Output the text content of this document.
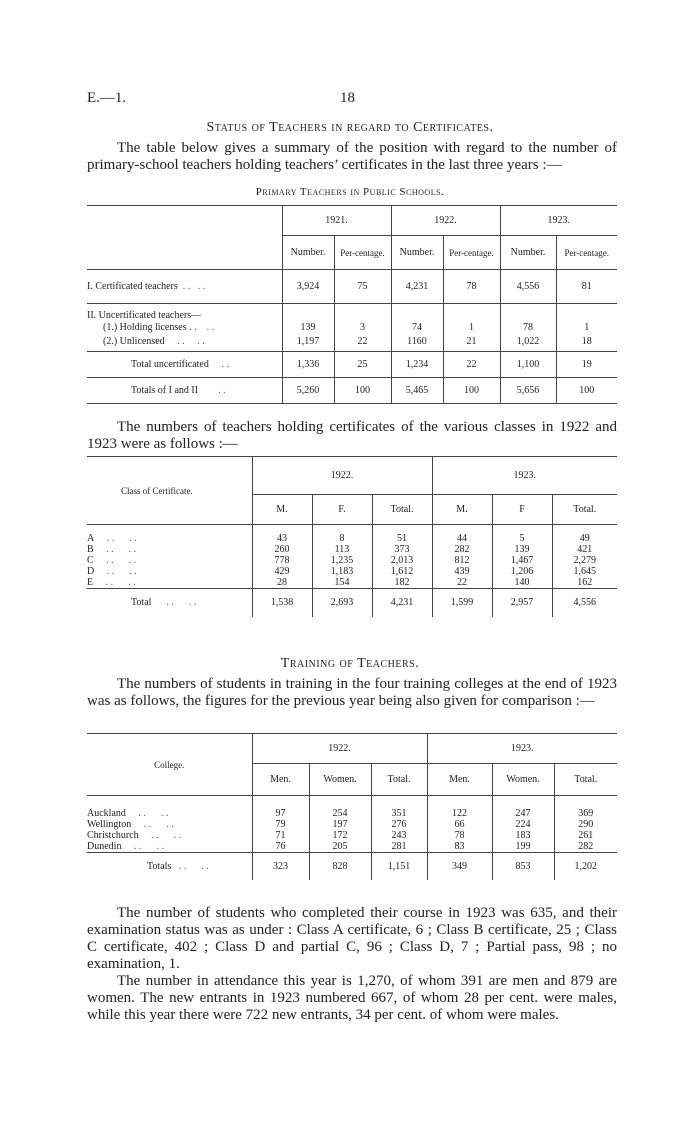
E.—1.	18
Status of Teachers in regard to Certificates.

The table below gives a summary of the position with regard to the number of primary-school teachers holding teachers’ certificates in the last three years :—

Primary Teachers in Public Schools.
	1921.		1922.		1923.	
	Number.	Per-centage.	Number.	Per-centage.	Number.	Per-centage.
I. Certificated teachers  . .   . .	3,924	75	4,231	78	4,556	81
II. Uncertificated teachers—						
(1.) Holding licenses . .    . .	139	3	74	1	78	1
(2.) Unlicensed     . .     . .	1,197	22	1160	21	1,022	18
Total uncertificated     . .	1,336	25	1,234	22	1,100	19
Totals of I and II        . .	5,260	100	5,465	100	5,656	100

The numbers of teachers holding certificates of the various classes in 1922 and 1923 were as follows :—

Class of Certificate.	1922.			1923.		
	M.	F.	Total.	M.	F	Total.
A     . .      . .	43	8	51	44	5	49
B     . .      . .	260	113	373	282	139	421
C     . .      . .	778	1,235	2,013	812	1,467	2,279
D     . .      . .	429	1,183	1,612	439	1,206	1,645
E     . .      . .	28	154	182	22	140	162
Total      . .      . .	1,538	2,693	4,231	1,599	2,957	4,556
Training of Teachers.

The numbers of students in training in the four training colleges at the end of 1923 was as follows, the figures for the previous year being also given for comparison :—

College.	1922.			1923.		
	Men.	Women.	Total.	Men.	Women.	Total.

Auckland     . .      . .	97	254	351	122	247	369
Wellington     . .      . .	79	197	276	66	224	290
Christchurch     . .      . .	71	172	243	78	183	261
Dunedin     . .      . .	76	205	281	83	199	282
Totals   . .      . .	323	828	1,151	349	853	1,202

The number of students who completed their course in 1923 was 635, and their examination status was as under : Class A certificate, 6 ; Class B certificate, 25 ; Class C certificate, 402 ; Class D and partial C, 96 ; Class D, 7 ; Partial pass, 98 ; no examination, 1.

The number in attendance this year is 1,270, of whom 391 are men and 879 are women. The new entrants in 1923 numbered 667, of whom 28 per cent. were males, while this year there were 722 new entrants, 34 per cent. of whom were males.
